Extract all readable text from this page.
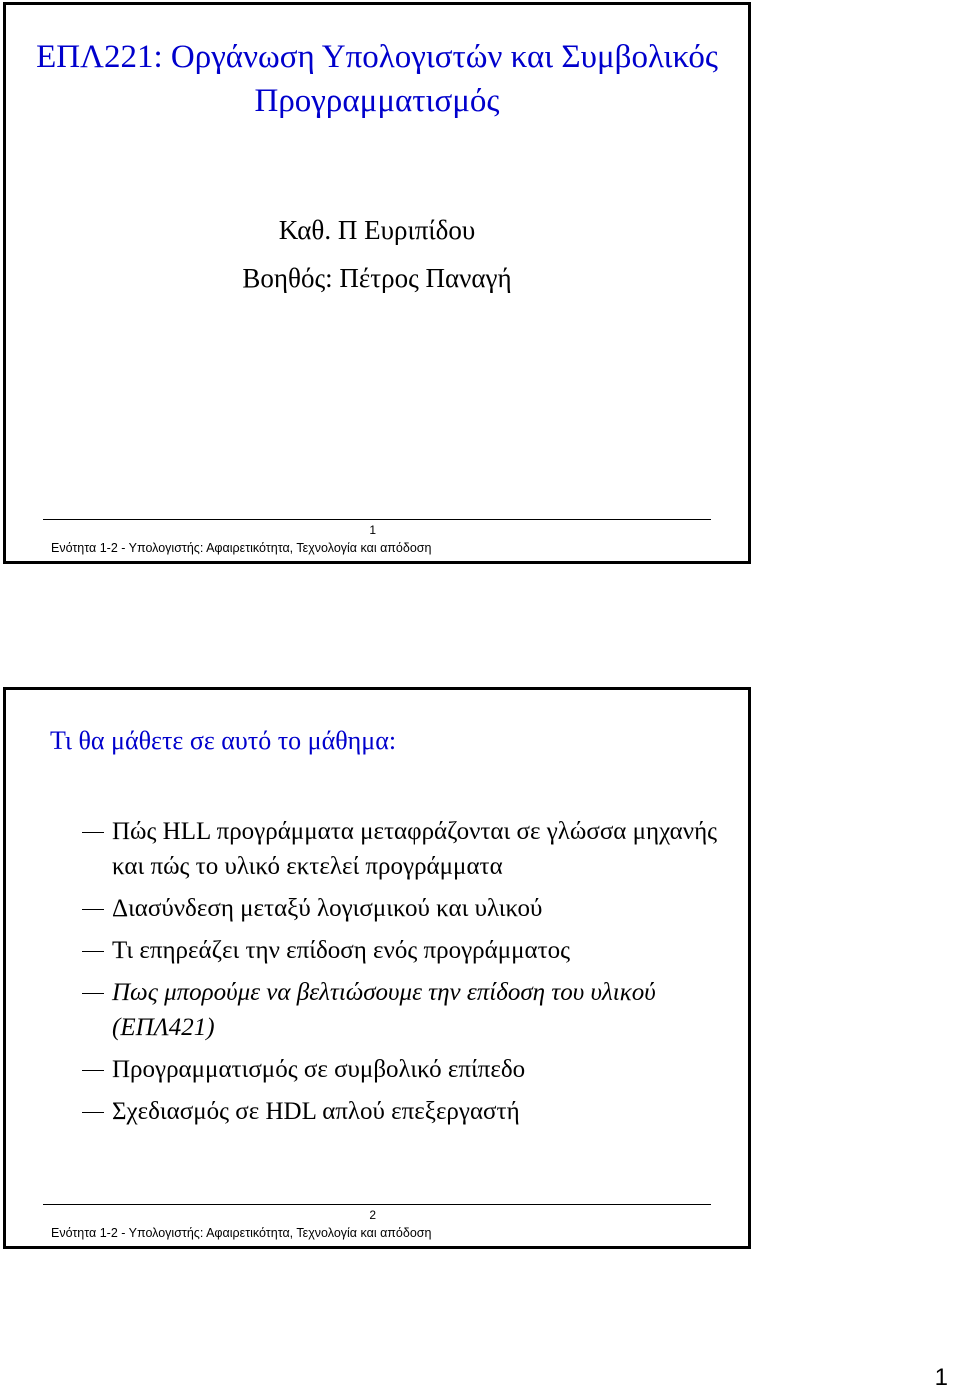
ΕΠΛ221: Οργάνωση Υπολογιστών και Συμβολικός Προγραμματισμός
Καθ. Π Ευριπίδου
Βοηθός: Πέτρος Παναγή
1
Ενότητα 1-2 - Υπολογιστής: Αφαιρετικότητα, Τεχνολογία και απόδοση
Τι θα μάθετε σε αυτό το μάθημα:
Πώς HLL προγράμματα μεταφράζονται σε γλώσσα μηχανής και πώς το υλικό εκτελεί προγράμματα
Διασύνδεση μεταξύ λογισμικού και υλικού
Τι επηρεάζει την επίδοση ενός προγράμματος
Πως μπορούμε να βελτιώσουμε την επίδοση του υλικού (ΕΠΛ421)
Προγραμματισμός σε συμβολικό επίπεδο
Σχεδιασμός σε HDL απλού επεξεργαστή
2
Ενότητα 1-2 - Υπολογιστής: Αφαιρετικότητα, Τεχνολογία και απόδοση
1
